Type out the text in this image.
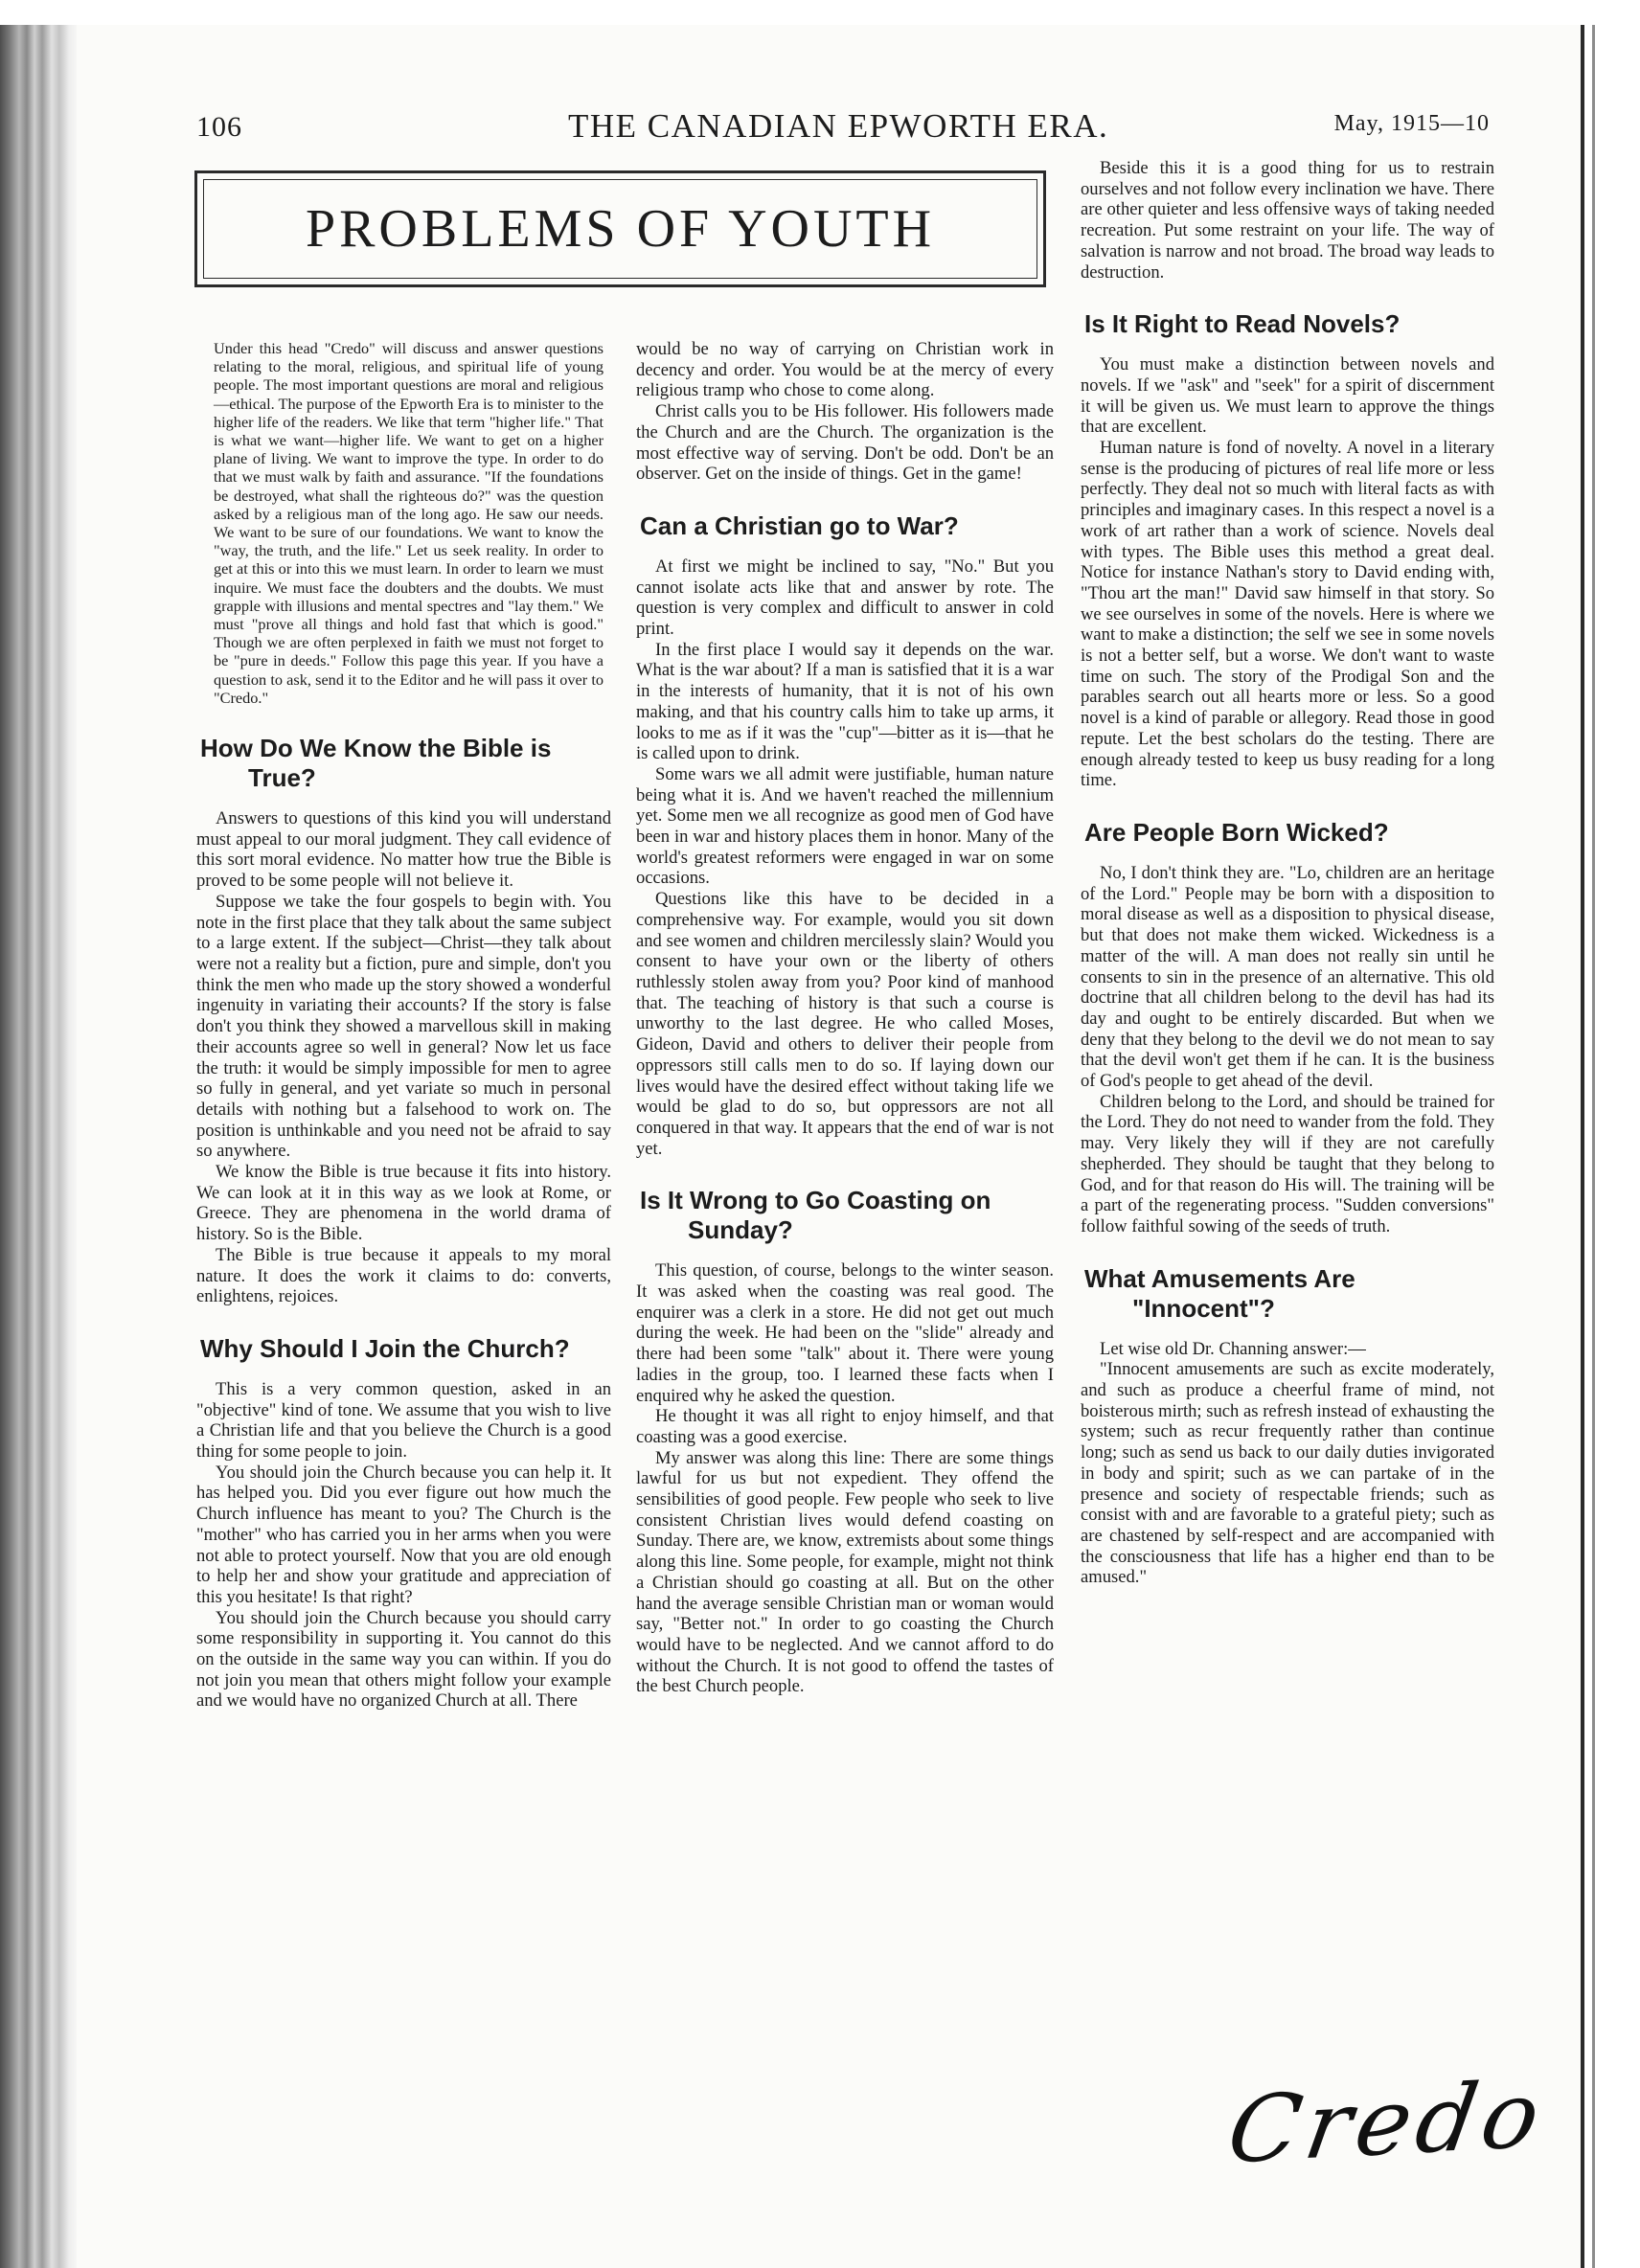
106	THE CANADIAN EPWORTH ERA.	May, 1915—10
PROBLEMS OF YOUTH

Under this head "Credo" will discuss and answer questions relating to the moral, religious, and spiritual life of young people. The most important questions are moral and religious—ethical. The purpose of the Epworth Era is to minister to the higher life of the readers. We like that term "higher life." That is what we want—higher life. We want to get on a higher plane of living. We want to improve the type. In order to do that we must walk by faith and assurance. "If the foundations be destroyed, what shall the righteous do?" was the question asked by a religious man of the long ago. He saw our needs. We want to be sure of our foundations. We want to know the "way, the truth, and the life." Let us seek reality. In order to get at this or into this we must learn. In order to learn we must inquire. We must face the doubters and the doubts. We must grapple with illusions and mental spectres and "lay them." We must "prove all things and hold fast that which is good." Though we are often perplexed in faith we must not forget to be "pure in deeds." Follow this page this year. If you have a question to ask, send it to the Editor and he will pass it over to "Credo."

How Do We Know the Bible is True?

Answers to questions of this kind you will understand must appeal to our moral judgment. They call evidence of this sort moral evidence. No matter how true the Bible is proved to be some people will not believe it.

Suppose we take the four gospels to begin with. You note in the first place that they talk about the same subject to a large extent. If the subject—Christ—they talk about were not a reality but a fiction, pure and simple, don't you think the men who made up the story showed a wonderful ingenuity in variating their accounts? If the story is false don't you think they showed a marvellous skill in making their accounts agree so well in general? Now let us face the truth: it would be simply impossible for men to agree so fully in general, and yet variate so much in personal details with nothing but a falsehood to work on. The position is unthinkable and you need not be afraid to say so anywhere.

We know the Bible is true because it fits into history. We can look at it in this way as we look at Rome, or Greece. They are phenomena in the world drama of history. So is the Bible.

The Bible is true because it appeals to my moral nature. It does the work it claims to do: converts, enlightens, rejoices.

Why Should I Join the Church?

This is a very common question, asked in an "objective" kind of tone. We assume that you wish to live a Christian life and that you believe the Church is a good thing for some people to join.

You should join the Church because you can help it. It has helped you. Did you ever figure out how much the Church influence has meant to you? The Church is the "mother" who has carried you in her arms when you were not able to protect yourself. Now that you are old enough to help her and show your gratitude and appreciation of this you hesitate! Is that right?

You should join the Church because you should carry some responsibility in supporting it. You cannot do this on the outside in the same way you can within. If you do not join you mean that others might follow your example and we would have no organized Church at all. There

would be no way of carrying on Christian work in decency and order. You would be at the mercy of every religious tramp who chose to come along.

Christ calls you to be His follower. His followers made the Church and are the Church. The organization is the most effective way of serving. Don't be odd. Don't be an observer. Get on the inside of things. Get in the game!

Can a Christian go to War?

At first we might be inclined to say, "No." But you cannot isolate acts like that and answer by rote. The question is very complex and difficult to answer in cold print.

In the first place I would say it depends on the war. What is the war about? If a man is satisfied that it is a war in the interests of humanity, that it is not of his own making, and that his country calls him to take up arms, it looks to me as if it was the "cup"—bitter as it is—that he is called upon to drink.

Some wars we all admit were justifiable, human nature being what it is. And we haven't reached the millennium yet. Some men we all recognize as good men of God have been in war and history places them in honor. Many of the world's greatest reformers were engaged in war on some occasions.

Questions like this have to be decided in a comprehensive way. For example, would you sit down and see women and children mercilessly slain? Would you consent to have your own or the liberty of others ruthlessly stolen away from you? Poor kind of manhood that. The teaching of history is that such a course is unworthy to the last degree. He who called Moses, Gideon, David and others to deliver their people from oppressors still calls men to do so. If laying down our lives would have the desired effect without taking life we would be glad to do so, but oppressors are not all conquered in that way. It appears that the end of war is not yet.

Is It Wrong to Go Coasting on Sunday?

This question, of course, belongs to the winter season. It was asked when the coasting was real good. The enquirer was a clerk in a store. He did not get out much during the week. He had been on the "slide" already and there had been some "talk" about it. There were young ladies in the group, too. I learned these facts when I enquired why he asked the question.

He thought it was all right to enjoy himself, and that coasting was a good exercise.

My answer was along this line: There are some things lawful for us but not expedient. They offend the sensibilities of good people. Few people who seek to live consistent Christian lives would defend coasting on Sunday. There are, we know, extremists about some things along this line. Some people, for example, might not think a Christian should go coasting at all. But on the other hand the average sensible Christian man or woman would say, "Better not." In order to go coasting the Church would have to be neglected. And we cannot afford to do without the Church. It is not good to offend the tastes of the best Church people.

Beside this it is a good thing for us to restrain ourselves and not follow every inclination we have. There are other quieter and less offensive ways of taking needed recreation. Put some restraint on your life. The way of salvation is narrow and not broad. The broad way leads to destruction.

Is It Right to Read Novels?

You must make a distinction between novels and novels. If we "ask" and "seek" for a spirit of discernment it will be given us. We must learn to approve the things that are excellent.

Human nature is fond of novelty. A novel in a literary sense is the producing of pictures of real life more or less perfectly. They deal not so much with literal facts as with principles and imaginary cases. In this respect a novel is a work of art rather than a work of science. Novels deal with types. The Bible uses this method a great deal. Notice for instance Nathan's story to David ending with, "Thou art the man!" David saw himself in that story. So we see ourselves in some of the novels. Here is where we want to make a distinction; the self we see in some novels is not a better self, but a worse. We don't want to waste time on such. The story of the Prodigal Son and the parables search out all hearts more or less. So a good novel is a kind of parable or allegory. Read those in good repute. Let the best scholars do the testing. There are enough already tested to keep us busy reading for a long time.

Are People Born Wicked?

No, I don't think they are. "Lo, children are an heritage of the Lord." People may be born with a disposition to moral disease as well as a disposition to physical disease, but that does not make them wicked. Wickedness is a matter of the will. A man does not really sin until he consents to sin in the presence of an alternative. This old doctrine that all children belong to the devil has had its day and ought to be entirely discarded. But when we deny that they belong to the devil we do not mean to say that the devil won't get them if he can. It is the business of God's people to get ahead of the devil.

Children belong to the Lord, and should be trained for the Lord. They do not need to wander from the fold. They may. Very likely they will if they are not carefully shepherded. They should be taught that they belong to God, and for that reason do His will. The training will be a part of the regenerating process. "Sudden conversions" follow faithful sowing of the seeds of truth.

What Amusements Are "Innocent"?

Let wise old Dr. Channing answer:—

"Innocent amusements are such as excite moderately, and such as produce a cheerful frame of mind, not boisterous mirth; such as refresh instead of exhausting the system; such as recur frequently rather than continue long; such as send us back to our daily duties invigorated in body and spirit; such as we can partake of in the presence and society of respectable friends; such as consist with and are favorable to a grateful piety; such as are chastened by self-respect and are accompanied with the consciousness that life has a higher end than to be amused."

Credo
